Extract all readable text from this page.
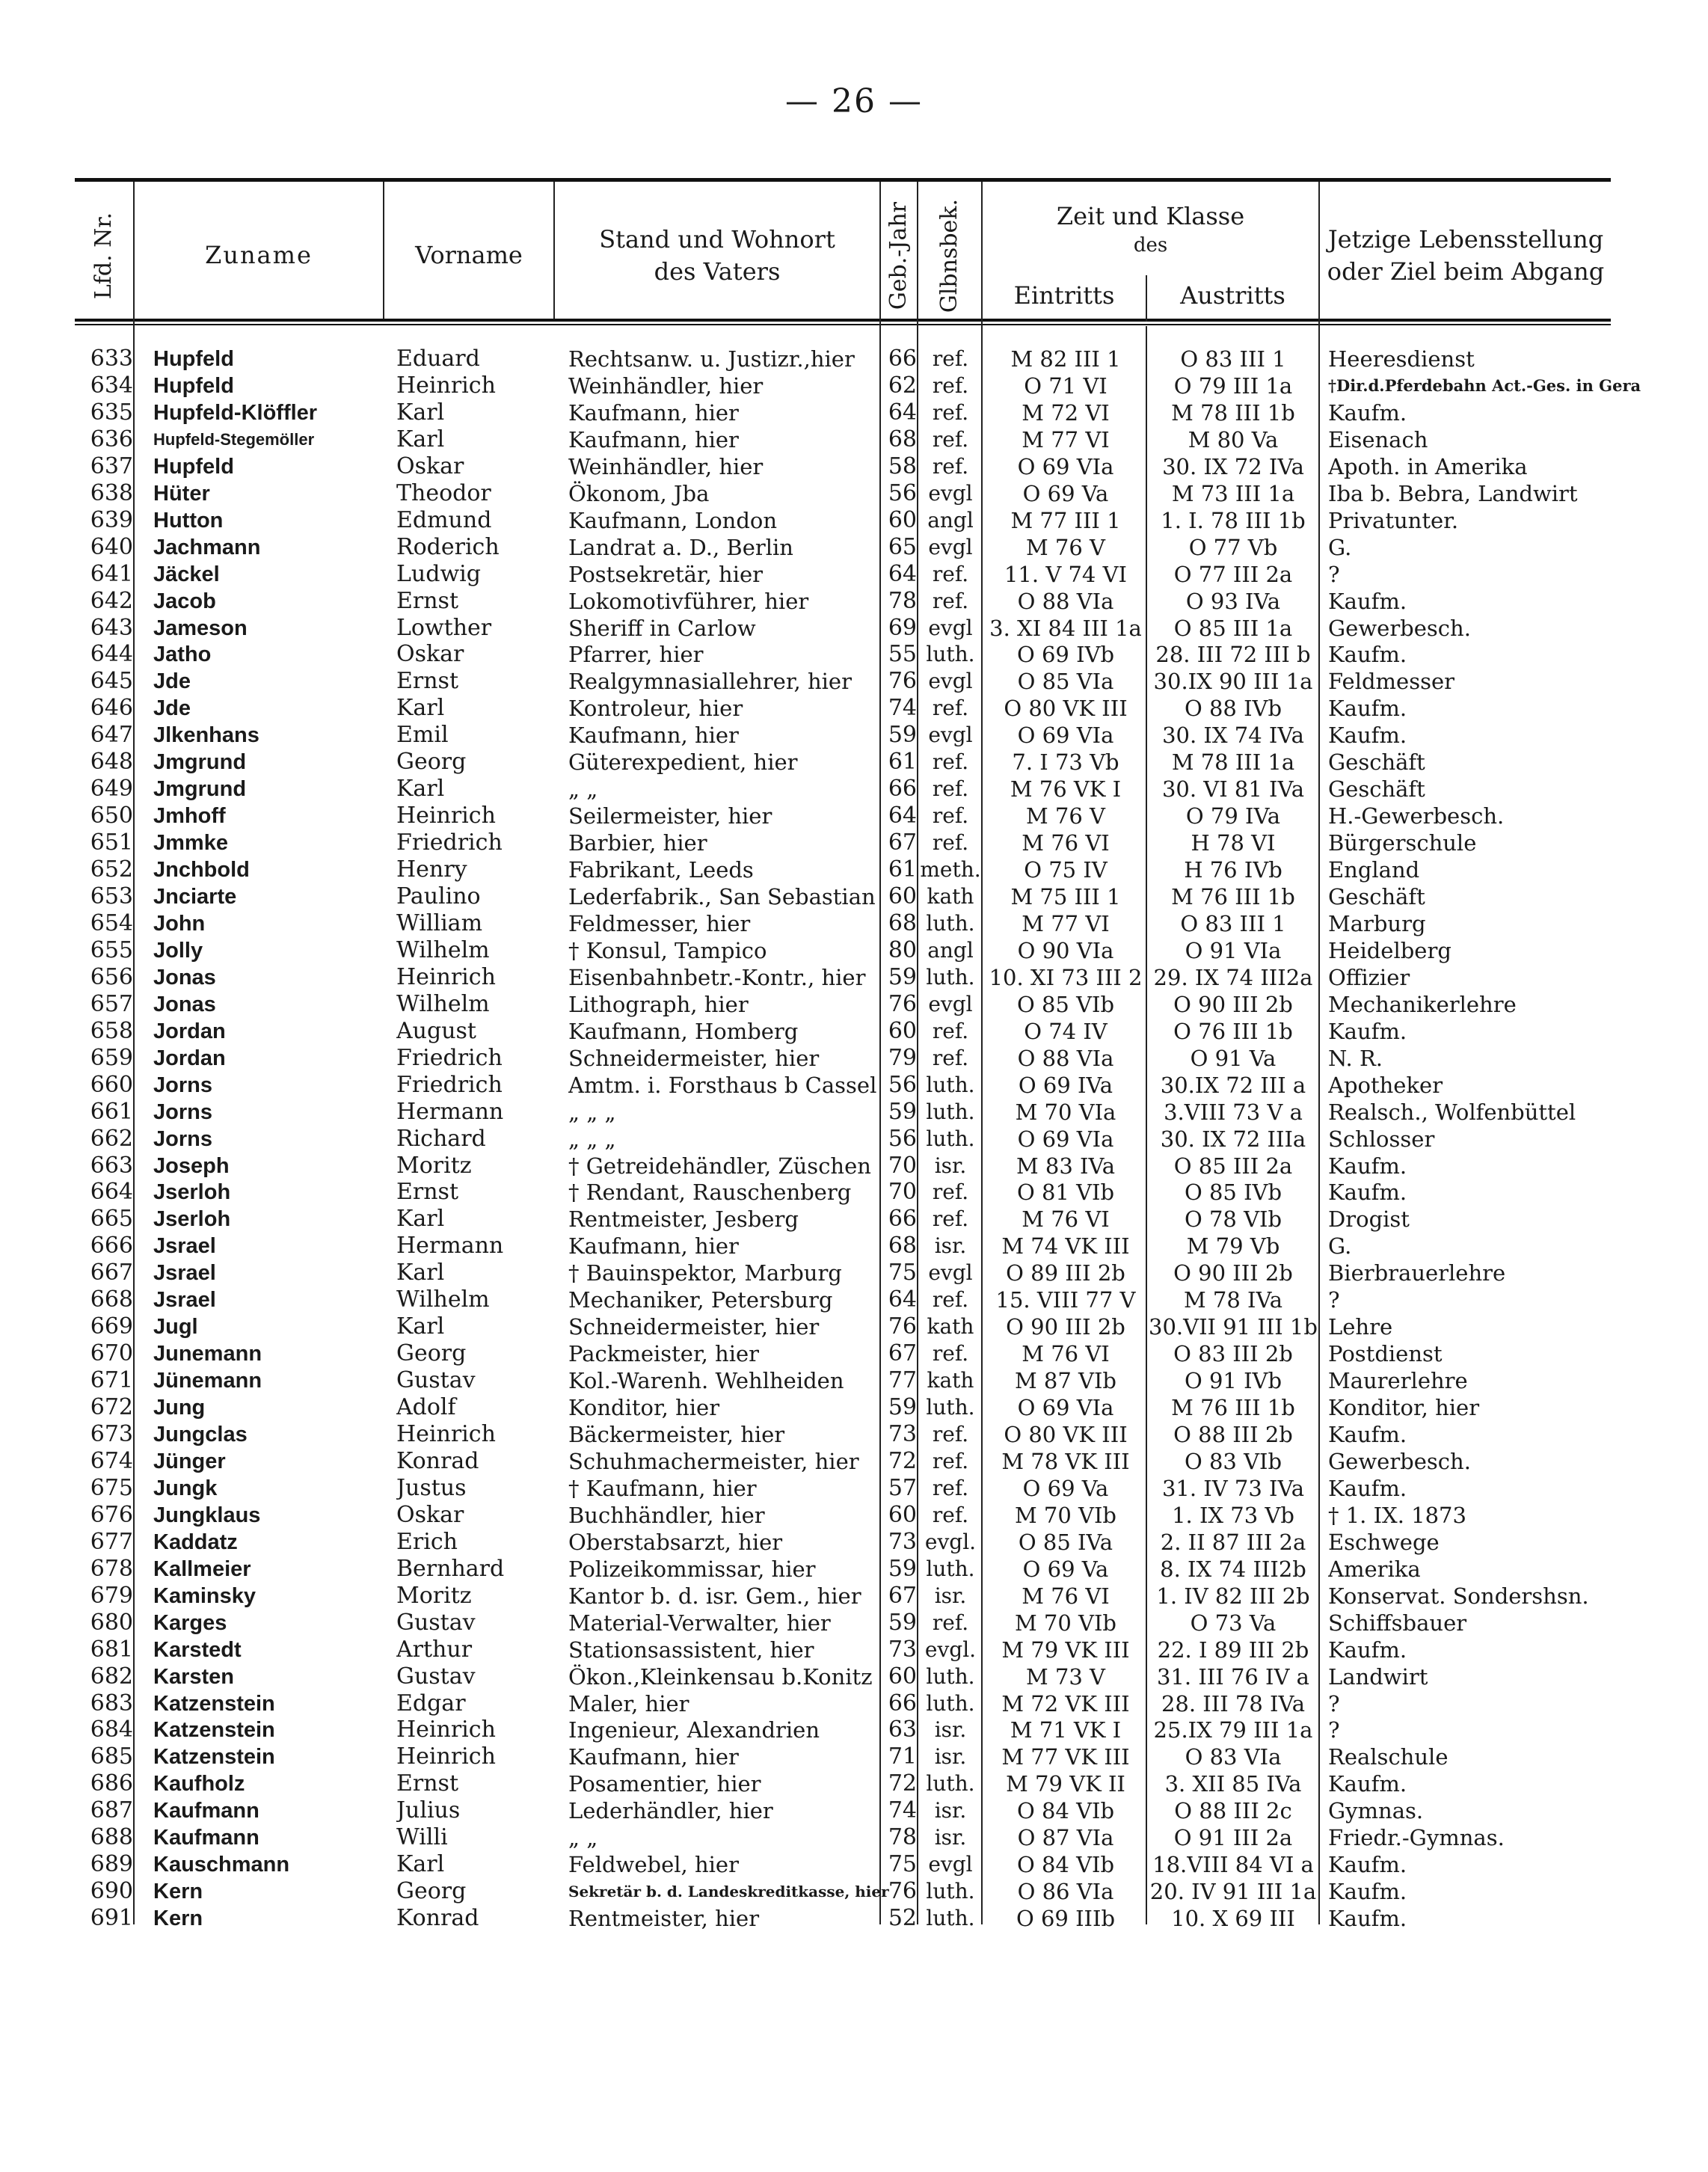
— 26 —
Lfd. Nr.	Zuname	Vorname
Stand und Wohnort
des Vaters	Geb.-Jahr Glbnsbek.	Zeit und Klasse
des
Eintritts	Austritts
Jetzige Lebensstellung
oder Ziel beim Abgang
633 Hupfeld	Eduard	Rechtsanw. u. Justizr.,hier	66 ref.	M 82 III 1	O 83 III 1	Heeresdienst
634 Hupfeld	Heinrich	Weinhändler, hier	62 ref.	O 71 VI	O 79 III 1a	†Dir.d.Pferdebahn Act.-Ges. in Gera
635 Hupfeld-Klöffler	Karl	Kaufmann, hier	64 ref.	M 72 VI	M 78 III 1b	Kaufm.
636 Hupfeld-Stegemöller	Karl	Kaufmann, hier	68 ref.	M 77 VI	M 80 Va	Eisenach
637 Hupfeld	Oskar	Weinhändler, hier	58 ref.	O 69 VIa	30. IX 72 IVa	Apoth. in Amerika
638 Hüter	Theodor	Ökonom, Jba	56 evgl	O 69 Va	M 73 III 1a	Iba b. Bebra, Landwirt
639 Hutton	Edmund	Kaufmann, London	60 angl	M 77 III 1	1. I. 78 III 1b	Privatunter.
640 Jachmann	Roderich	Landrat a. D., Berlin	65 evgl	M 76 V	O 77 Vb	G.
641 Jäckel	Ludwig	Postsekretär, hier	64 ref.	11. V 74 VI	O 77 III 2a	?
642 Jacob	Ernst	Lokomotivführer, hier	78 ref.	O 88 VIa	O 93 IVa	Kaufm.
643 Jameson	Lowther	Sheriff in Carlow	69 evgl 3. XI 84 III 1a	O 85 III 1a	Gewerbesch.
644 Jatho	Oskar	Pfarrer, hier	55 luth.	O 69 IVb	28. III 72 III b Kaufm.
645 Jde	Ernst	Realgymnasiallehrer, hier	76 evgl	O 85 VIa	30.IX 90 III 1a Feldmesser
646 Jde	Karl	Kontroleur, hier	74 ref.	O 80 VK III	O 88 IVb	Kaufm.
647 Jlkenhans	Emil	Kaufmann, hier	59 evgl	O 69 VIa	30. IX 74 IVa	Kaufm.
648 Jmgrund	Georg	Güterexpedient, hier	61 ref.	7. I 73 Vb	M 78 III 1a	Geschäft
649 Jmgrund	Karl	„ „	66 ref.	M 76 VK I	30. VI 81 IVa	Geschäft
650 Jmhoff	Heinrich	Seilermeister, hier	64 ref.	M 76 V	O 79 IVa	H.-Gewerbesch.
651 Jmmke	Friedrich	Barbier, hier	67 ref.	M 76 VI	H 78 VI	Bürgerschule
652 Jnchbold	Henry	Fabrikant, Leeds	61 meth.	O 75 IV	H 76 IVb	England
653 Jnciarte	Paulino	Lederfabrik., San Sebastian 60 kath	M 75 III 1	M 76 III 1b	Geschäft
654 John	William	Feldmesser, hier	68 luth.	M 77 VI	O 83 III 1	Marburg
655 Jolly	Wilhelm	† Konsul, Tampico	80 angl	O 90 VIa	O 91 VIa	Heidelberg
656 Jonas	Heinrich	Eisenbahnbetr.-Kontr., hier	59 luth. 10. XI 73 III 2 29. IX 74 III2a Offizier
657 Jonas	Wilhelm	Lithograph, hier	76 evgl	O 85 VIb	O 90 III 2b	Mechanikerlehre
658 Jordan	August	Kaufmann, Homberg	60 ref.	O 74 IV	O 76 III 1b	Kaufm.
659 Jordan	Friedrich	Schneidermeister, hier	79 ref.	O 88 VIa	O 91 Va	N. R.
660 Jorns	Friedrich	Amtm. i. Forsthaus b Cassel 56 luth.	O 69 IVa	30.IX 72 III a	Apotheker
661 Jorns	Hermann	„ „ „	59 luth.	M 70 VIa	3.VIII 73 V a	Realsch., Wolfenbüttel
662 Jorns	Richard	„ „ „	56 luth.	O 69 VIa	30. IX 72 IIIa	Schlosser
663 Joseph	Moritz	† Getreidehändler, Züschen 70 isr.	M 83 IVa	O 85 III 2a	Kaufm.
664 Jserloh	Ernst	† Rendant, Rauschenberg	70 ref.	O 81 VIb	O 85 IVb	Kaufm.
665 Jserloh	Karl	Rentmeister, Jesberg	66 ref.	M 76 VI	O 78 VIb	Drogist
666 Jsrael	Hermann	Kaufmann, hier	68 isr.	M 74 VK III	M 79 Vb	G.
667 Jsrael	Karl	† Bauinspektor, Marburg	75 evgl	O 89 III 2b	O 90 III 2b	Bierbrauerlehre
668 Jsrael	Wilhelm	Mechaniker, Petersburg	64 ref.	15. VIII 77 V	M 78 IVa	?
669 Jugl	Karl	Schneidermeister, hier	76 kath	O 90 III 2b	30.VII 91 III 1b Lehre
670 Junemann	Georg	Packmeister, hier	67 ref.	M 76 VI	O 83 III 2b	Postdienst
671 Jünemann	Gustav	Kol.-Warenh. Wehlheiden	77 kath	M 87 VIb	O 91 IVb	Maurerlehre
672 Jung	Adolf	Konditor, hier	59 luth.	O 69 VIa	M 76 III 1b	Konditor, hier
673 Jungclas	Heinrich	Bäckermeister, hier	73 ref.	O 80 VK III	O 88 III 2b	Kaufm.
674 Jünger	Konrad	Schuhmachermeister, hier	72 ref.	M 78 VK III	O 83 VIb	Gewerbesch.
675 Jungk	Justus	† Kaufmann, hier	57 ref.	O 69 Va	31. IV 73 IVa	Kaufm.
676 Jungklaus	Oskar	Buchhändler, hier	60 ref.	M 70 VIb	1. IX 73 Vb	† 1. IX. 1873
677 Kaddatz	Erich	Oberstabsarzt, hier	73 evgl.	O 85 IVa	2. II 87 III 2a	Eschwege
678 Kallmeier	Bernhard	Polizeikommissar, hier	59 luth.	O 69 Va	8. IX 74 III2b	Amerika
679 Kaminsky	Moritz	Kantor b. d. isr. Gem., hier	67 isr.	M 76 VI	1. IV 82 III 2b Konservat. Sondershsn.
680 Karges	Gustav	Material-Verwalter, hier	59 ref.	M 70 VIb	O 73 Va	Schiffsbauer
681 Karstedt	Arthur	Stationsassistent, hier	73 evgl.	M 79 VK III	22. I 89 III 2b Kaufm.
682 Karsten	Gustav	Ökon.,Kleinkensau b.Konitz 60 luth.	M 73 V	31. III 76 IV a Landwirt
683 Katzenstein	Edgar	Maler, hier	66 luth.	M 72 VK III	28. III 78 IVa	?
684 Katzenstein	Heinrich	Ingenieur, Alexandrien	63 isr.	M 71 VK I	25.IX 79 III 1a ?
685 Katzenstein	Heinrich	Kaufmann, hier	71 isr.	M 77 VK III	O 83 VIa	Realschule
686 Kaufholz	Ernst	Posamentier, hier	72 luth.	M 79 VK II	3. XII 85 IVa	Kaufm.
687 Kaufmann	Julius	Lederhändler, hier	74 isr.	O 84 VIb	O 88 III 2c	Gymnas.
688 Kaufmann	Willi	„ „	78 isr.	O 87 VIa	O 91 III 2a	Friedr.-Gymnas.
689 Kauschmann	Karl	Feldwebel, hier	75 evgl	O 84 VIb	18.VIII 84 VI a Kaufm.
690 Kern	Georg	Sekretär b. d. Landeskreditkasse, hier 76 luth.	O 86 VIa	20. IV 91 III 1a Kaufm.
691 Kern	Konrad	Rentmeister, hier	52 luth.	O 69 IIIb	10. X 69 III	Kaufm.
